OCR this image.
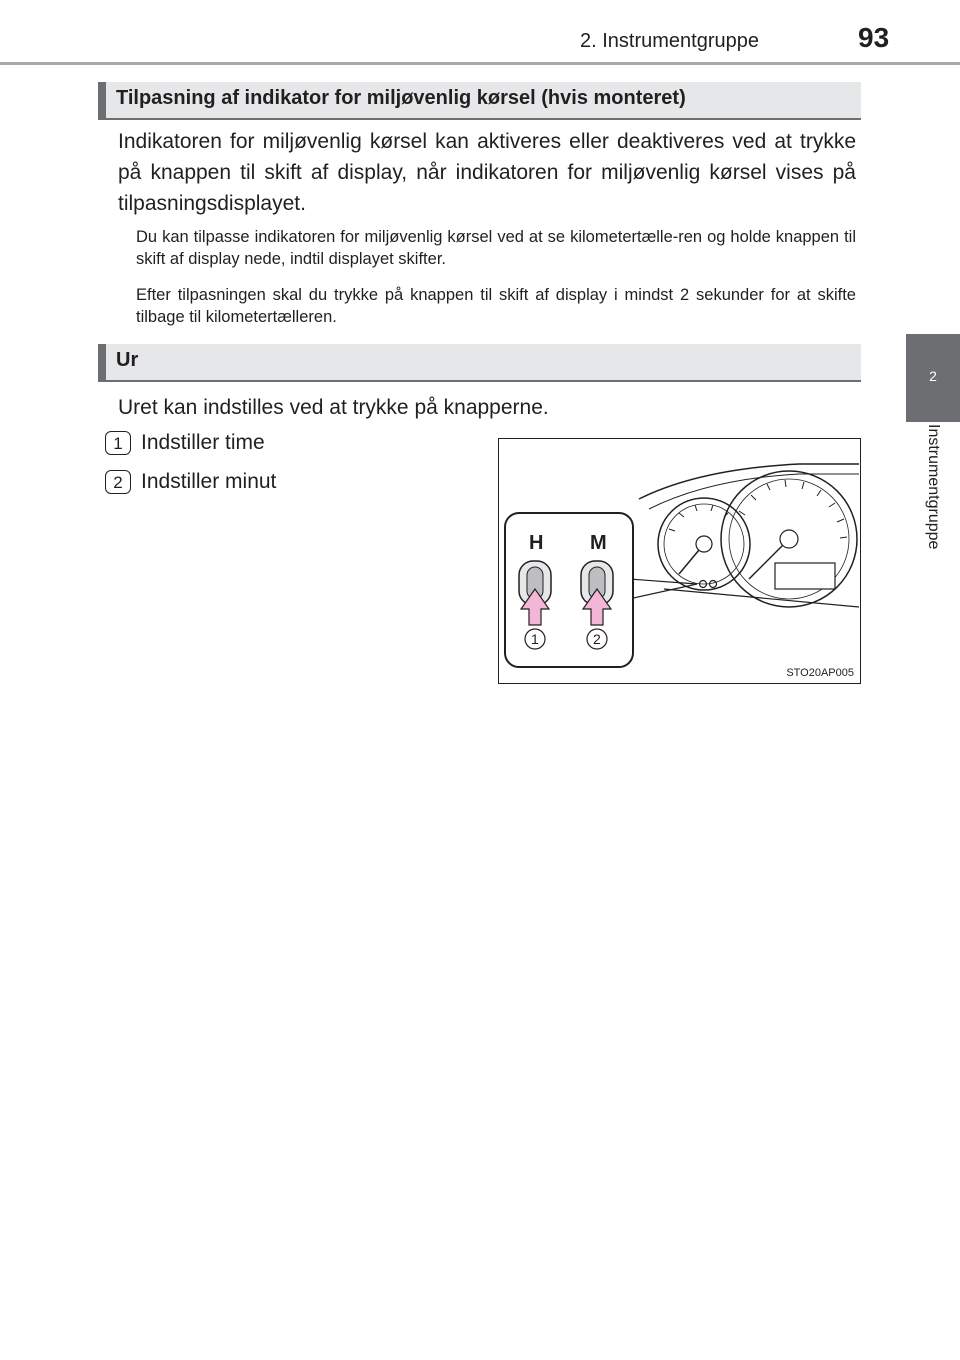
2. Instrumentgruppe	93
2
Instrumentgruppe
Tilpasning af indikator for miljøvenlig kørsel (hvis monteret)
Indikatoren for miljøvenlig kørsel kan aktiveres eller deaktiveres ved at trykke på knappen til skift af display, når indikatoren for miljøvenlig kørsel vises på tilpasningsdisplayet.
Du kan tilpasse indikatoren for miljøvenlig kørsel ved at se kilometertælle-ren og holde knappen til skift af display nede, indtil displayet skifter.
Efter tilpasningen skal du trykke på knappen til skift af display i mindst 2 sekunder for at skifte tilbage til kilometertælleren.
Ur
Uret kan indstilles ved at trykke på knapperne.
1 Indstiller time
2 Indstiller minut
H M
1	2
STO20AP005
